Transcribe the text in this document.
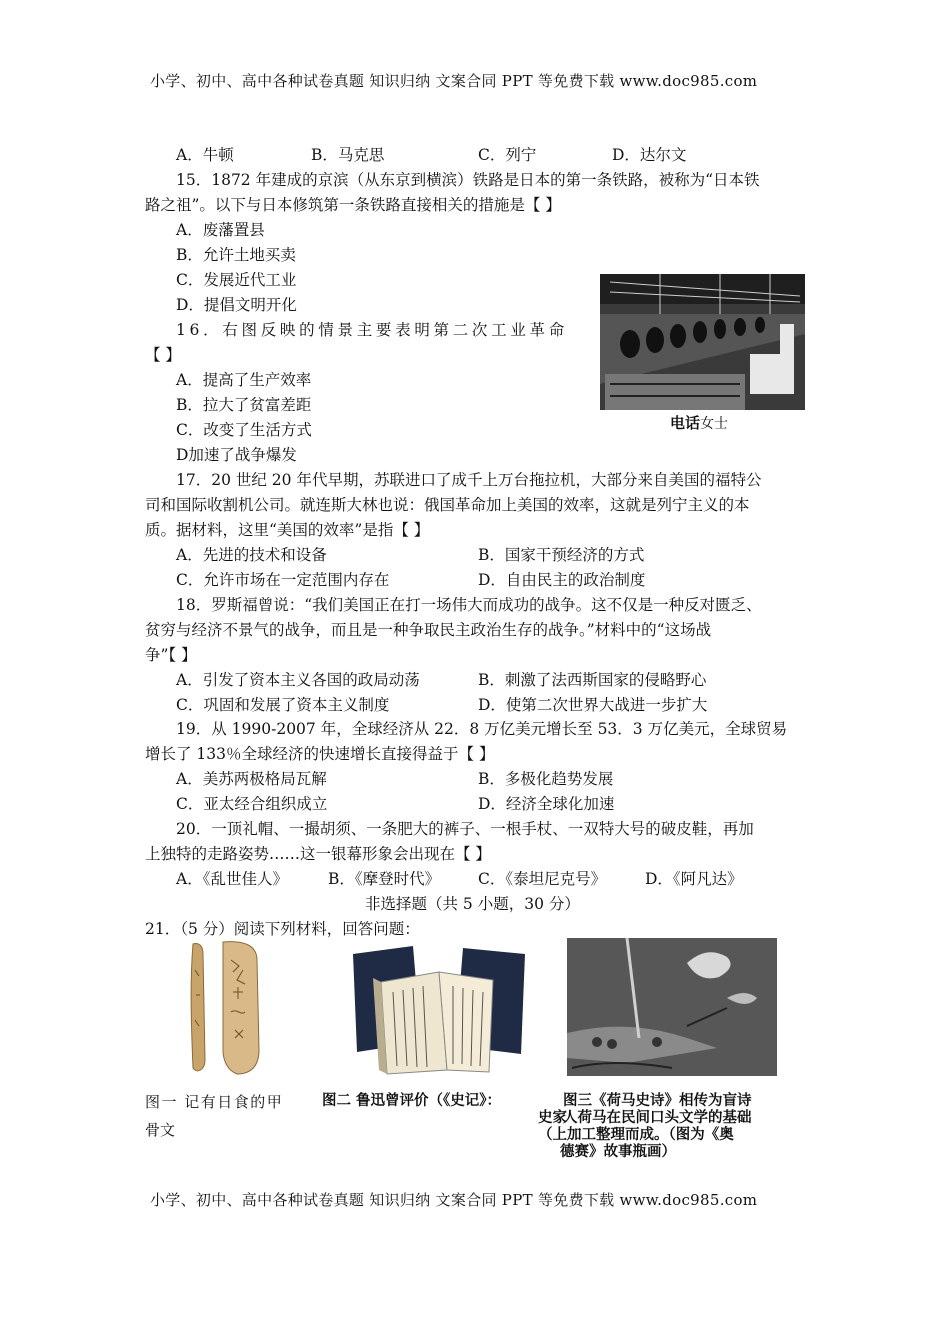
小学、初中、高中各种试卷真题 知识归纳 文案合同 PPT 等免费下载 www.doc985.com
A．牛顿	B．马克思	C．列宁	D．达尔文
15．1872 年建成的京滨（从东京到横滨）铁路是日本的第一条铁路，被称为“日本铁
路之祖”。以下与日本修筑第一条铁路直接相关的措施是【 】
A．废藩置县
B．允许土地买卖
C．发展近代工业
D．提倡文明开化
电话女士
16．右图反映的情景主要表明第二次工业革命
【 】
A．提高了生产效率
B．拉大了贫富差距
C．改变了生活方式
D加速了战争爆发
17．20 世纪 20 年代早期，苏联进口了成千上万台拖拉机，大部分来自美国的福特公
司和国际收割机公司。就连斯大林也说：俄国革命加上美国的效率，这就是列宁主义的本
质。据材料，这里“美国的效率”是指【 】
A．先进的技术和设备	B．国家干预经济的方式
C．允许市场在一定范围内存在	D．自由民主的政治制度
18．罗斯福曾说：“我们美国正在打一场伟大而成功的战争。这不仅是一种反对匮乏、
贫穷与经济不景气的战争，而且是一种争取民主政治生存的战争。”材料中的“这场战
争”【 】
A．引发了资本主义各国的政局动荡	B．刺激了法西斯国家的侵略野心
C．巩固和发展了资本主义制度	D．使第二次世界大战进一步扩大
19．从 1990-2007 年，全球经济从 22．8 万亿美元增长至 53．3 万亿美元，全球贸易
增长了 133％全球经济的快速增长直接得益于【 】
A．美苏两极格局瓦解	B．多极化趋势发展
C．亚太经合组织成立	D．经济全球化加速
20．一顶礼帽、一撮胡须、一条肥大的裤子、一根手杖、一双特大号的破皮鞋，再加
上独特的走路姿势……这一银幕形象会出现在【 】
A．《乱世佳人》	B．《摩登时代》 C．《泰坦尼克号》	D．《阿凡达》
非选择题（共 5 小题，30 分）
21．（5 分）阅读下列材料，回答问题：
图一 记有日食的甲
骨文
图二 鲁迅曾评价（《史记》：	图三《荷马史诗》相传为盲诗
史家
人荷马在民间口头文学的基础
（上加工整理而成。（图为《奥
德赛》故事瓶画）
小学、初中、高中各种试卷真题 知识归纳 文案合同 PPT 等免费下载 www.doc985.com
